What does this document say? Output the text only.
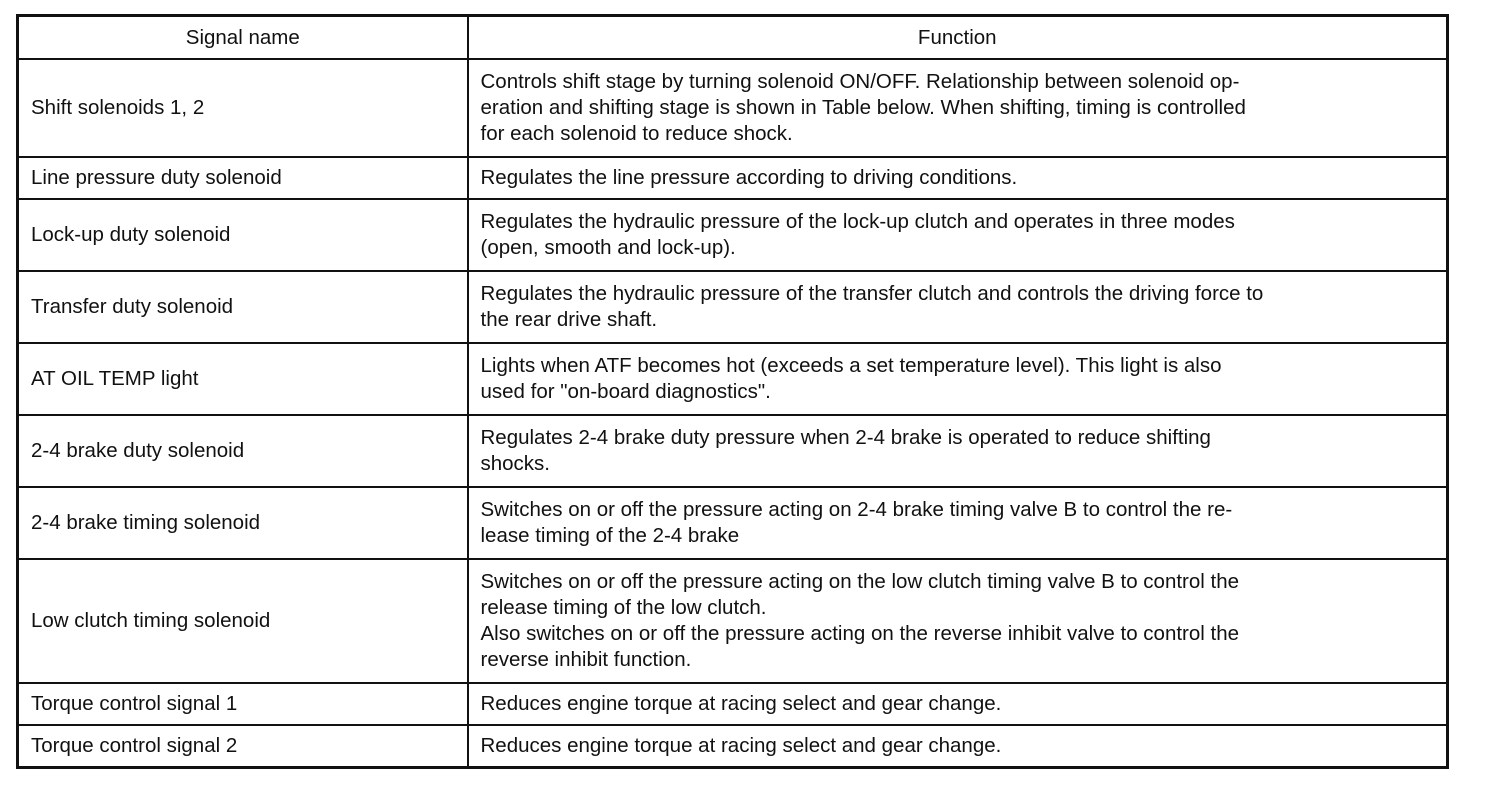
Signal name	Function
Shift solenoids 1, 2	Controls shift stage by turning solenoid ON/OFF. Relationship between solenoid op-
eration and shifting stage is shown in Table below. When shifting, timing is controlled
for each solenoid to reduce shock.
Line pressure duty solenoid	Regulates the line pressure according to driving conditions.
Lock-up duty solenoid	Regulates the hydraulic pressure of the lock-up clutch and operates in three modes
(open, smooth and lock-up).
Transfer duty solenoid	Regulates the hydraulic pressure of the transfer clutch and controls the driving force to
the rear drive shaft.
AT OIL TEMP light	Lights when ATF becomes hot (exceeds a set temperature level). This light is also
used for "on-board diagnostics".
2-4 brake duty solenoid	Regulates 2-4 brake duty pressure when 2-4 brake is operated to reduce shifting
shocks.
2-4 brake timing solenoid	Switches on or off the pressure acting on 2-4 brake timing valve B to control the re-
lease timing of the 2-4 brake
Low clutch timing solenoid	Switches on or off the pressure acting on the low clutch timing valve B to control the
release timing of the low clutch.
Also switches on or off the pressure acting on the reverse inhibit valve to control the
reverse inhibit function.
Torque control signal 1	Reduces engine torque at racing select and gear change.
Torque control signal 2	Reduces engine torque at racing select and gear change.
